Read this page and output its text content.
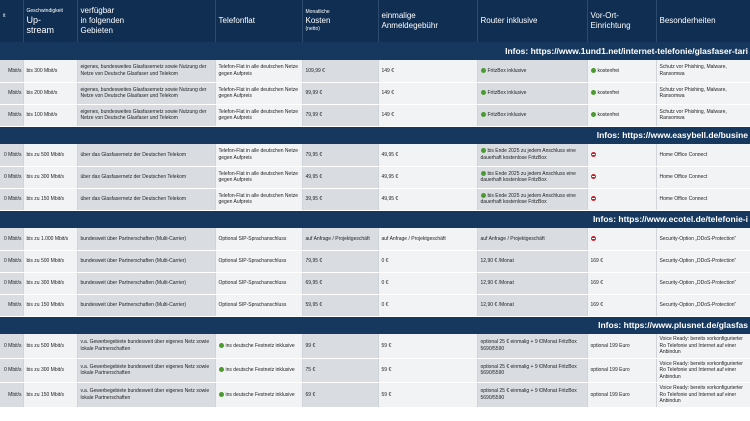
it	Geschwindigkeit
Up-
stream	verfügbar
in folgenden
Gebieten	Telefonflat	Monatliche
Kosten
(netto)	einmalige
Anmeldegebühr	Router inklusive	Vor-Ort-
Einrichtung	Besonderheiten

Infos: https://www.1und1.net/internet-telefonie/glasfaser-tari								
Mbit/s	bis 300 Mbit/s	eigenes, bundesweites Glasfasernetz sowie Nutzung der Netze von Deutsche Glasfaser und Telekom	Telefon-Flat in alle deutschen Netze gegen Aufpreis	109,99 €	149 €	FritzBox inklusive	kostenfrei	Schutz vor Phishing, Malware, Ransomwa
Mbit/s	bis 200 Mbit/s	eigenes, bundesweites Glasfasernetz sowie Nutzung der Netze von Deutsche Glasfaser und Telekom	Telefon-Flat in alle deutschen Netze gegen Aufpreis	99,99 €	149 €	FritzBox inklusive	kostenfrei	Schutz vor Phishing, Malware, Ransomwa
Mbit/s	bis 100 Mbit/s	eigenes, bundesweites Glasfasernetz sowie Nutzung der Netze von Deutsche Glasfaser und Telekom	Telefon-Flat in alle deutschen Netze gegen Aufpreis	79,99 €	149 €	FritzBox inklusive	kostenfrei	Schutz vor Phishing, Malware, Ransomwa
Infos: https://www.easybell.de/busine								
0 Mbit/s	bis zu 500 Mbit/s	über das Glasfasernetz der Deutschen Telekom	Telefon-Flat in alle deutschen Netze gegen Aufpreis	79,95 €	49,95 €	bis Ende 2025 zu jedem Anschluss eine dauerhaft kostenlose FritzBox		Home Office Connect
0 Mbit/s	bis zu 300 Mbit/s	über das Glasfasernetz der Deutschen Telekom	Telefon-Flat in alle deutschen Netze gegen Aufpreis	49,95 €	49,95 €	bis Ende 2025 zu jedem Anschluss eine dauerhaft kostenlose FritzBox		Home Office Connect
0 Mbit/s	bis zu 150 Mbit/s	über das Glasfasernetz der Deutschen Telekom	Telefon-Flat in alle deutschen Netze gegen Aufpreis	39,95 €	49,95 €	bis Ende 2025 zu jedem Anschluss eine dauerhaft kostenlose FritzBox		Home Office Connect
Infos: https://www.ecotel.de/telefonie-i								
0 Mbit/s	bis zu 1.000 Mbit/s	bundesweit über Partnerschaften (Multi-Carrier)	Optional SIP-Sprachanschluss	auf Anfrage / Projektgeschäft	auf Anfrage / Projektgeschäft	auf Anfrage / Projektgeschäft		Security-Option „DDoS-Protection“
0 Mbit/s	bis zu 500 Mbit/s	bundesweit über Partnerschaften (Multi-Carrier)	Optional SIP-Sprachanschluss	79,95 €	0 €	12,90 € /Monat	169 €	Security-Option „DDoS-Protection“
0 Mbit/s	bis zu 300 Mbit/s	bundesweit über Partnerschaften (Multi-Carrier)	Optional SIP-Sprachanschluss	69,95 €	0 €	12,90 € /Monat	169 €	Security-Option „DDoS-Protection“
Mbit/s	bis zu 150 Mbit/s	bundesweit über Partnerschaften (Multi-Carrier)	Optional SIP-Sprachanschluss	59,95 €	0 €	12,90 € /Monat	169 €	Security-Option „DDoS-Protection“
Infos: https://www.plusnet.de/glasfas								
0 Mbit/s	bis zu 500 Mbit/s	v.a. Gewerbegebiete bundesweit über eigenes Netz sowie lokale Partnerschaften	ins deutsche Festnetz inklusive	99 €	59 €	optional 25 € einmalig + 9 €/Monat FritzBox 5690/5590	optional 199 Euro	Voice Ready: bereits vorkonfigurierter Ro Telefonie und Internet auf einer Anbindun
0 Mbit/s	bis zu 300 Mbit/s	v.a. Gewerbegebiete bundesweit über eigenes Netz sowie lokale Partnerschaften	ins deutsche Festnetz inklusive	75 €	59 €	optional 25 € einmalig + 9 €/Monat FritzBox 5690/5590	optional 199 Euro	Voice Ready: bereits vorkonfigurierter Ro Telefonie und Internet auf einer Anbindun
Mbit/s	bis zu 150 Mbit/s	v.a. Gewerbegebiete bundesweit über eigenes Netz sowie lokale Partnerschaften	ins deutsche Festnetz inklusive	69 €	59 €	optional 25 € einmalig + 9 €/Monat FritzBox 5690/5590	optional 199 Euro	Voice Ready: bereits vorkonfigurierter Ro Telefonie und Internet auf einer Anbindun
